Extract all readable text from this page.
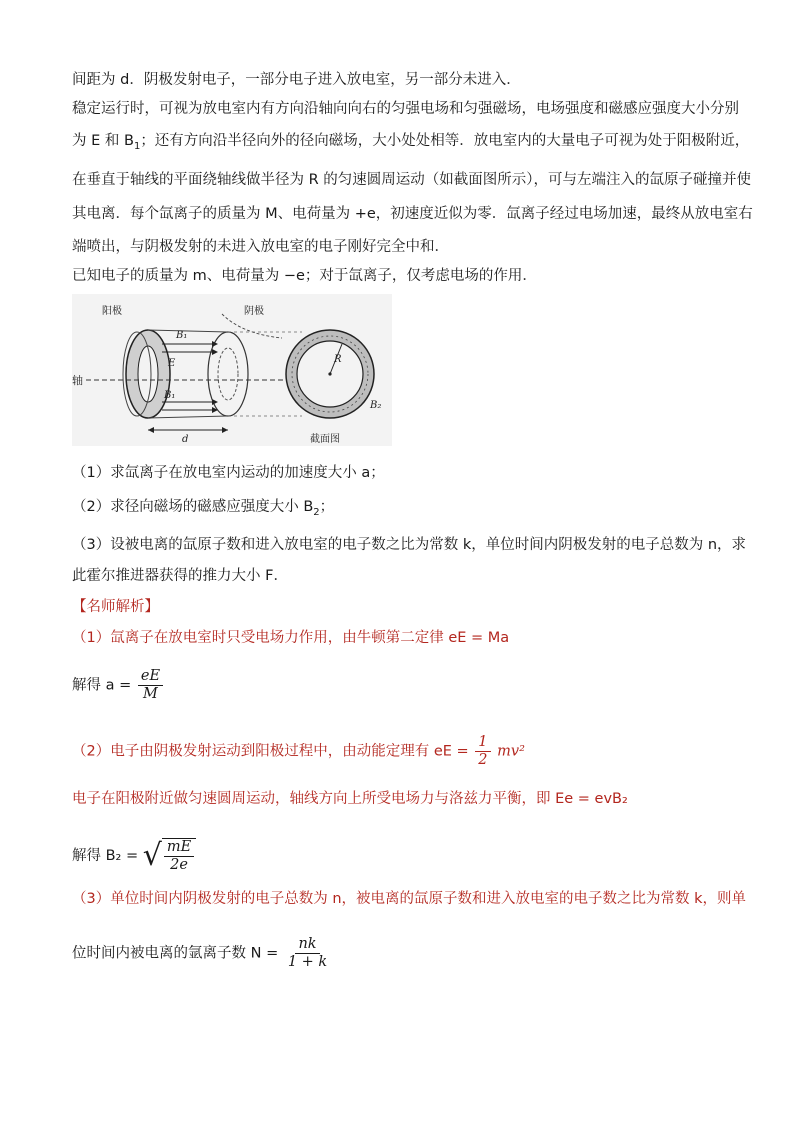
间距为 d．阴极发射电子，一部分电子进入放电室，另一部分未进入．
稳定运行时，可视为放电室内有方向沿轴向向右的匀强电场和匀强磁场，电场强度和磁感应强度大小分别
为 E 和 $B_1$；还有方向沿半径向外的径向磁场，大小处处相等．放电室内的大量电子可视为处于阳极附近，
在垂直于轴线的平面绕轴线做半径为 R 的匀速圆周运动（如截面图所示），可与左端注入的氙原子碰撞并使
其电离．每个氙离子的质量为 M、电荷量为 +e，初速度近似为零．氙离子经过电场加速，最终从放电室右
端喷出，与阴极发射的未进入放电室的电子刚好完全中和．
已知电子的质量为 m、电荷量为 −e；对于氙离子，仅考虑电场的作用．
阳极	阴极
轴
B₁
E
B₁
d
R
B₂
截面图
（1）求氙离子在放电室内运动的加速度大小 a；
（2）求径向磁场的磁感应强度大小 $B_2$；
（3）设被电离的氙原子数和进入放电室的电子数之比为常数 k，单位时间内阴极发射的电子总数为 n，求
此霍尔推进器获得的推力大小 F．
【名师解析】
（1）氙离子在放电室时只受电场力作用，由牛顿第二定律 eE = Ma
解得 $a = \frac{eE}{M}$
（2）电子由阴极发射运动到阳极过程中，由动能定理有 eE = $\frac{1}{2} mv^2$
电子在阳极附近做匀速圆周运动，轴线方向上所受电场力与洛兹力平衡，即 Ee = evB₂
解得 B₂ = √ $\frac{mE}{2e}$
（3）单位时间内阴极发射的电子总数为 n，被电离的氙原子数和进入放电室的电子数之比为常数 k，则单
位时间内被电离的氩离子数 $N = \frac{nk}{1 + k}$
